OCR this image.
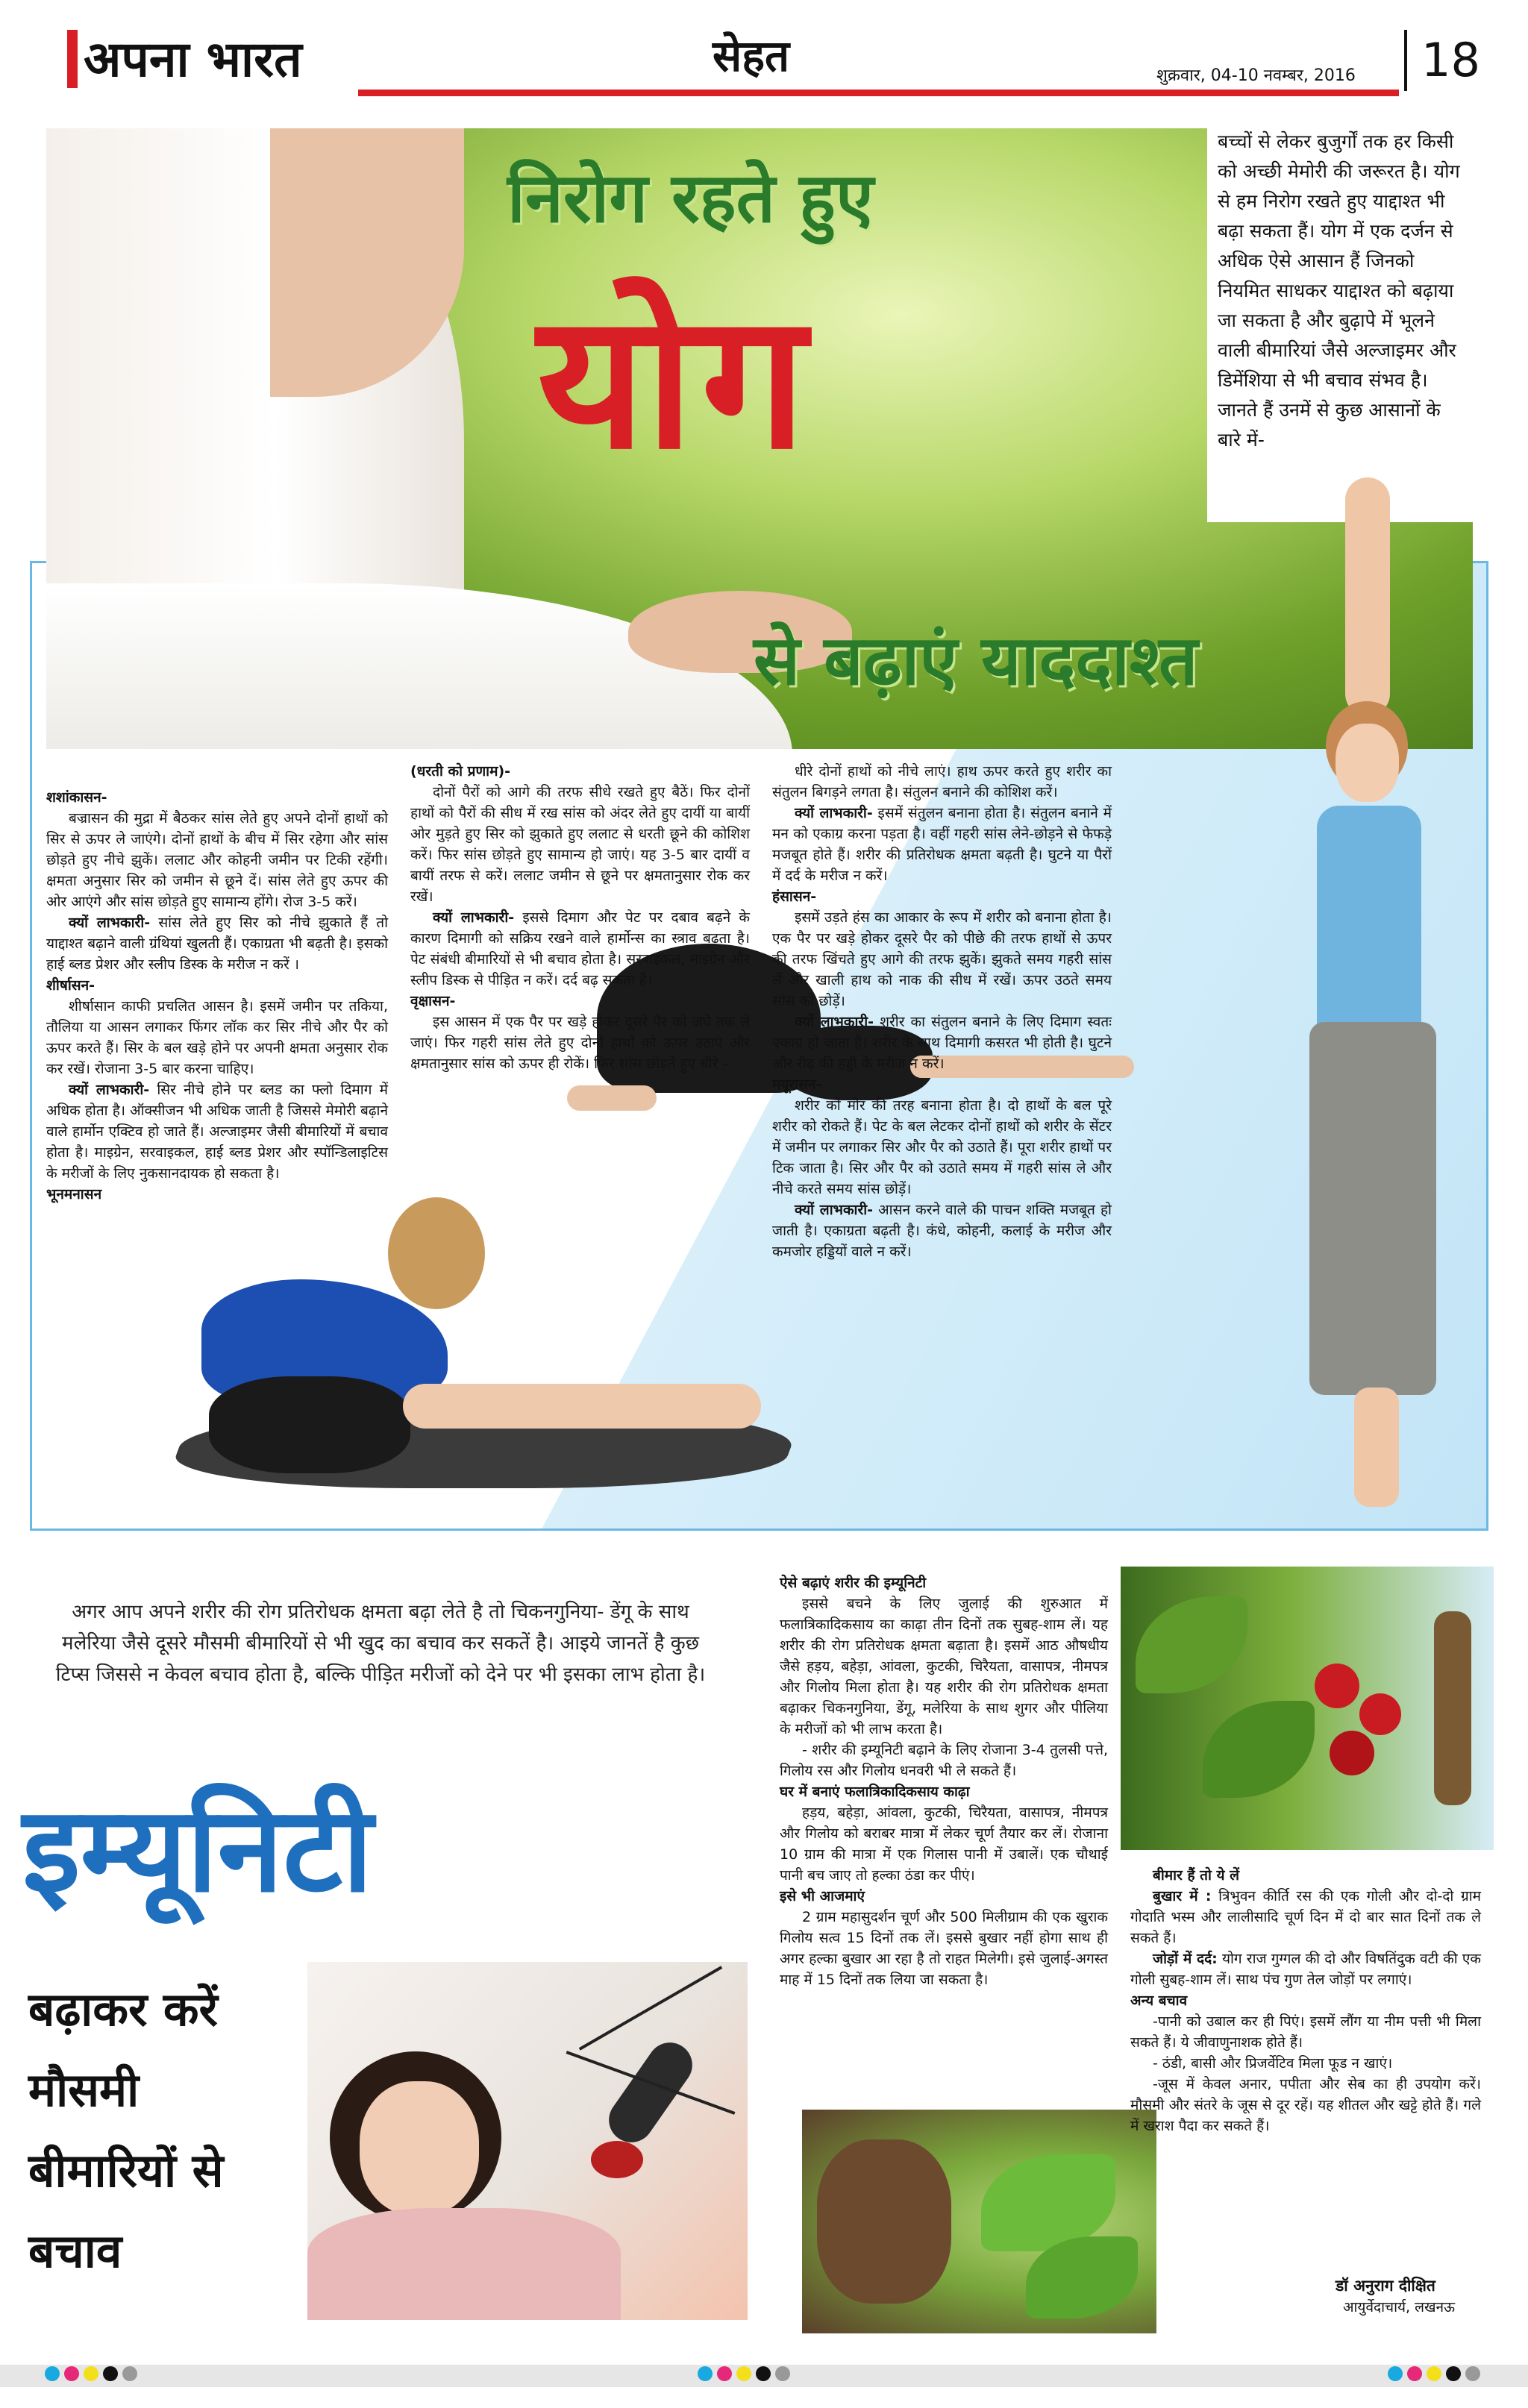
अपना भारत	सेहत	शुक्रवार, 04-10 नवम्बर, 2016 18
निरोग रहते हुए
योग
से बढ़ाएं याददाश्त
बच्चों से लेकर बुजुर्गों तक हर किसी को अच्छी मेमोरी की जरूरत है। योग से हम निरोग रखते हुए याद्दाश्त भी बढ़ा सकता हैं। योग में एक दर्जन से अधिक ऐसे आसान हैं जिनको नियमित साधकर याद्दाश्त को बढ़ाया जा सकता है और बुढ़ापे में भूलने वाली बीमारियां जैसे अल्जाइमर और डिमेंशिया से भी बचाव संभव है। जानते हैं उनमें से कुछ आसानों के बारे में-

शशांकासन-

बज्रासन की मुद्रा में बैठकर सांस लेते हुए अपने दोनों हाथों को सिर से ऊपर ले जाएंगे। दोनों हाथों के बीच में सिर रहेगा और सांस छोड़ते हुए नीचे झुकें। ललाट और कोहनी जमीन पर टिकी रहेंगी। क्षमता अनुसार सिर को जमीन से छूने दें। सांस लेते हुए ऊपर की ओर आएंगे और सांस छोड़ते हुए सामान्य होंगे। रोज 3-5 करें।

क्यों लाभकारी- सांस लेते हुए सिर को नीचे झुकाते हैं तो याद्दाश्त बढ़ाने वाली ग्रंथियां खुलती हैं। एकाग्रता भी बढ़ती है। इसको हाई ब्लड प्रेशर और स्लीप डिस्क के मरीज न करें ।

शीर्षासन-

शीर्षासान काफी प्रचलित आसन है। इसमें जमीन पर तकिया, तौलिया या आसन लगाकर फिंगर लॉक कर सिर नीचे और पैर को ऊपर करते हैं। सिर के बल खड़े होने पर अपनी क्षमता अनुसार रोक कर रखें। रोजाना 3-5 बार करना चाहिए।

क्यों लाभकारी- सिर नीचे होने पर ब्लड का फ्लो दिमाग में अधिक होता है। ऑक्सीजन भी अधिक जाती है जिससे मेमोरी बढ़ाने वाले हार्मोन एक्टिव हो जाते हैं। अल्जाइमर जैसी बीमारियों में बचाव होता है। माइग्रेन, सरवाइकल, हाई ब्लड प्रेशर और स्पॉन्डिलाइटिस के मरीजों के लिए नुकसानदायक हो सकता है।

भूनमनासन

(धरती को प्रणाम)-

दोनों पैरों को आगे की तरफ सीधे रखते हुए बैठें। फिर दोनों हाथों को पैरों की सीध में रख सांस को अंदर लेते हुए दायीं या बायीं ओर मुड़ते हुए सिर को झुकाते हुए ललाट से धरती छूने की कोशिश करें। फिर सांस छोड़ते हुए सामान्य हो जाएं। यह 3-5 बार दायीं व बायीं तरफ से करें। ललाट जमीन से छूने पर क्षमतानुसार रोक कर रखें।

क्यों लाभकारी- इससे दिमाग और पेट पर दबाव बढ़ने के कारण दिमागी को सक्रिय रखने वाले हार्मोन्स का स्त्राव बढ़ता है। पेट संबंधी बीमारियों से भी बचाव होता है। सरवाइकल, माइग्रेन और स्लीप डिस्क से पीड़ित न करें। दर्द बढ़ सकता है।

वृक्षासन-

इस आसन में एक पैर पर खड़े होकर दूसरे पैर को जंघे तक ले जाएं। फिर गहरी सांस लेते हुए दोनों हाथों को ऊपर उठाएं और क्षमतानुसार सांस को ऊपर ही रोकें। फिर सांस छोड़ते हुए धीरे -

धीरे दोनों हाथों को नीचे लाएं। हाथ ऊपर करते हुए शरीर का संतुलन बिगड़ने लगता है। संतुलन बनाने की कोशिश करें।

क्यों लाभकारी- इसमें संतुलन बनाना होता है। संतुलन बनाने में मन को एकाग्र करना पड़ता है। वहीं गहरी सांस लेने-छोड़ने से फेफड़े मजबूत होते हैं। शरीर की प्रतिरोधक क्षमता बढ़ती है। घुटने या पैरों में दर्द के मरीज न करें।

हंसासन-

इसमें उड़ते हंस का आकार के रूप में शरीर को बनाना होता है। एक पैर पर खड़े होकर दूसरे पैर को पीछे की तरफ हाथों से ऊपर की तरफ खिंचते हुए आगे की तरफ झुकें। झुकते समय गहरी सांस लें और खाली हाथ को नाक की सीध में रखें। ऊपर उठते समय सांस को छोड़ें।

क्यों लाभकारी- शरीर का संतुलन बनाने के लिए दिमाग स्वतः एकाग्र हो जाता है। शरीर के साथ दिमागी कसरत भी होती है। घुटने और रीढ़ की हड्डी के मरीज न करें।

मयूरासन-

शरीर को मोर की तरह बनाना होता है। दो हाथों के बल पूरे शरीर को रोकते हैं। पेट के बल लेटकर दोनों हाथों को शरीर के सेंटर में जमीन पर लगाकर सिर और पैर को उठाते हैं। पूरा शरीर हाथों पर टिक जाता है। सिर और पैर को उठाते समय में गहरी सांस ले और नीचे करते समय सांस छोड़ें।

क्यों लाभकारी- आसन करने वाले की पाचन शक्ति मजबूत हो जाती है। एकाग्रता बढ़ती है। कंधे, कोहनी, कलाई के मरीज और कमजोर हड्डियों वाले न करें।

अगर आप अपने शरीर की रोग प्रतिरोधक क्षमता बढ़ा लेते है तो चिकनगुनिया- डेंगू के साथ मलेरिया जैसे दूसरे मौसमी बीमारियों से भी खुद का बचाव कर सकतें है। आइये जानतें है कुछ टिप्स जिससे न केवल बचाव होता है, बल्कि पीड़ित मरीजों को देने पर भी इसका लाभ होता है।
इम्यूनिटी
बढ़ाकर करें
मौसमी
बीमारियों से
बचाव

ऐसे बढ़ाएं शरीर की इम्यूनिटी

इससे बचने के लिए जुलाई की शुरुआत में फलात्रिकादिकसाय का काढ़ा तीन दिनों तक सुबह-शाम लें। यह शरीर की रोग प्रतिरोधक क्षमता बढ़ाता है। इसमें आठ औषधीय जैसे हड़य, बहेड़ा, आंवला, कुटकी, चिरैयता, वासापत्र, नीमपत्र और गिलोय मिला होता है। यह शरीर की रोग प्रतिरोधक क्षमता बढ़ाकर चिकनगुनिया, डेंगू, मलेरिया के साथ शुगर और पीलिया के मरीजों को भी लाभ करता है।

- शरीर की इम्यूनिटी बढ़ाने के लिए रोजाना 3-4 तुलसी पत्ते, गिलोय रस और गिलोय धनवरी भी ले सकते हैं।

घर में बनाएं फलात्रिकादिकसाय काढ़ा

हड़य, बहेड़ा, आंवला, कुटकी, चिरैयता, वासापत्र, नीमपत्र और गिलोय को बराबर मात्रा में लेकर चूर्ण तैयार कर लें। रोजाना 10 ग्राम की मात्रा में एक गिलास पानी में उबालें। एक चौथाई पानी बच जाए तो हल्का ठंडा कर पीएं।

इसे भी आजमाएं

2 ग्राम महासुदर्शन चूर्ण और 500 मिलीग्राम की एक खुराक गिलोय सत्व 15 दिनों तक लें। इससे बुखार नहीं होगा साथ ही अगर हल्का बुखार आ रहा है तो राहत मिलेगी। इसे जुलाई-अगस्त माह में 15 दिनों तक लिया जा सकता है।

बीमार हैं तो ये लें

बुखार में : त्रिभुवन कीर्ति रस की एक गोली और दो-दो ग्राम गोदाति भस्म और लालीसादि चूर्ण दिन में दो बार सात दिनों तक ले सकते हैं।

जोड़ों में दर्द: योग राज गुग्गल की दो और विषतिंदुक वटी की एक गोली सुबह-शाम लें। साथ पंच गुण तेल जोड़ों पर लगाएं।

अन्य बचाव

-पानी को उबाल कर ही पिएं। इसमें लौंग या नीम पत्ती भी मिला सकते हैं। ये जीवाणुनाशक होते हैं।

- ठंडी, बासी और प्रिजर्वेटिव मिला फूड न खाएं।

-जूस में केवल अनार, पपीता और सेब का ही उपयोग करें। मौसमी और संतरे के जूस से दूर रहें। यह शीतल और खट्टे होते हैं। गले में खराश पैदा कर सकते हैं।

डॉ अनुराग दीक्षित
आयुर्वेदाचार्य, लखनऊ
